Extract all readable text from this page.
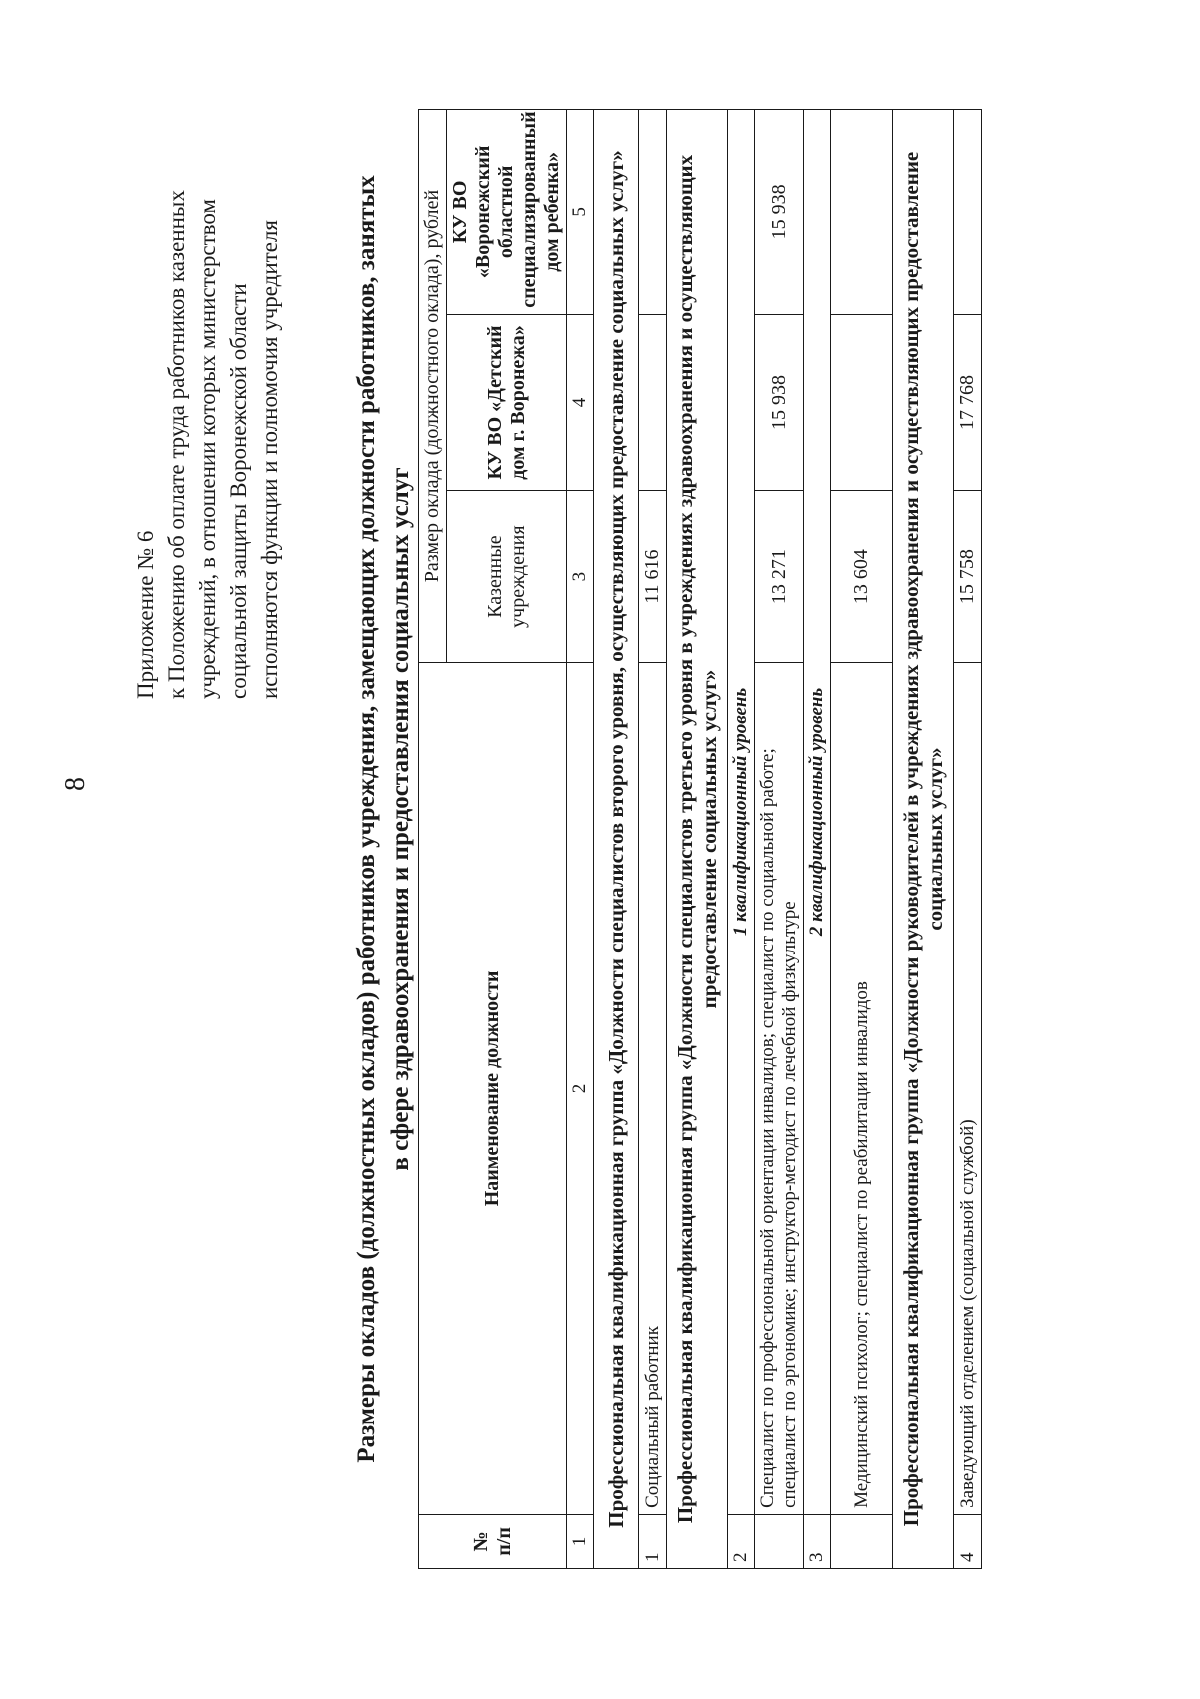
8
Приложение № 6 к Положению об оплате труда работников казенных учреждений, в отношении которых министерством социальной защиты Воронежской области исполняются функции и полномочия учредителя	Размеры окладов (должностных окладов) работников учреждения, замещающих должности работников, занятых в сфере здравоохранения и предоставления социальных услуг
№ п/п	Наименование должности	Размер оклада (должностного оклада), рублей		
		Казенные учреждения	КУ ВО «Детский дом г. Воронежа»	КУ ВО «Воронежский областной специализированный дом ребенка»
1	2	3	4	5
Профессиональная квалификационная группа «Должности специалистов второго уровня, осуществляющих предоставление социальных услуг»				
1	Социальный работник	11 616		
Профессиональная квалификационная группа «Должности специалистов третьего уровня в учреждениях здравоохранения и осуществляющих предоставление социальных услуг»				
2	1 квалификационный уровень			
	Специалист по профессиональной ориентации инвалидов; специалист по социальной работе; специалист по эргономике; инструктор-методист по лечебной физкультуре	13 271	15 938	15 938
3	2 квалификационный уровень			
	Медицинский психолог; специалист по реабилитации инвалидов	13 604		
Профессиональная квалификационная группа «Должности руководителей в учреждениях здравоохранения и осуществляющих предоставление социальных услуг»				
4	Заведующий отделением (социальной службой)	15 758	17 768	
